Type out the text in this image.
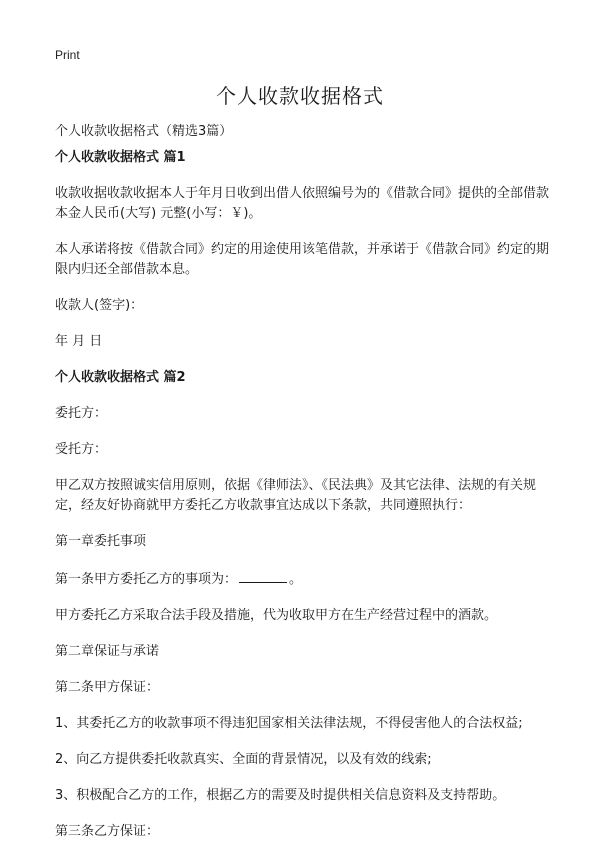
Print
个人收款收据格式

个人收款收据格式（精选3篇）

个人收款收据格式 篇1

收款收据收款收据本人于年月日收到出借人依照编号为的《借款合同》提供的全部借款本金人民币(大写) 元整(小写：￥)。

本人承诺将按《借款合同》约定的用途使用该笔借款，并承诺于《借款合同》约定的期限内归还全部借款本息。

收款人(签字)：

年 月 日

个人收款收据格式 篇2

委托方：

受托方：

甲乙双方按照诚实信用原则，依据《律师法》、《民法典》及其它法律、法规的有关规定，经友好协商就甲方委托乙方收款事宜达成以下条款，共同遵照执行：

第一章委托事项

第一条甲方委托乙方的事项为：	。

甲方委托乙方采取合法手段及措施，代为收取甲方在生产经营过程中的酒款。

第二章保证与承诺

第二条甲方保证：

1、其委托乙方的收款事项不得违犯国家相关法律法规，不得侵害他人的合法权益;

2、向乙方提供委托收款真实、全面的背景情况，以及有效的线索;

3、积极配合乙方的工作，根据乙方的需要及时提供相关信息资料及支持帮助。

第三条乙方保证：
